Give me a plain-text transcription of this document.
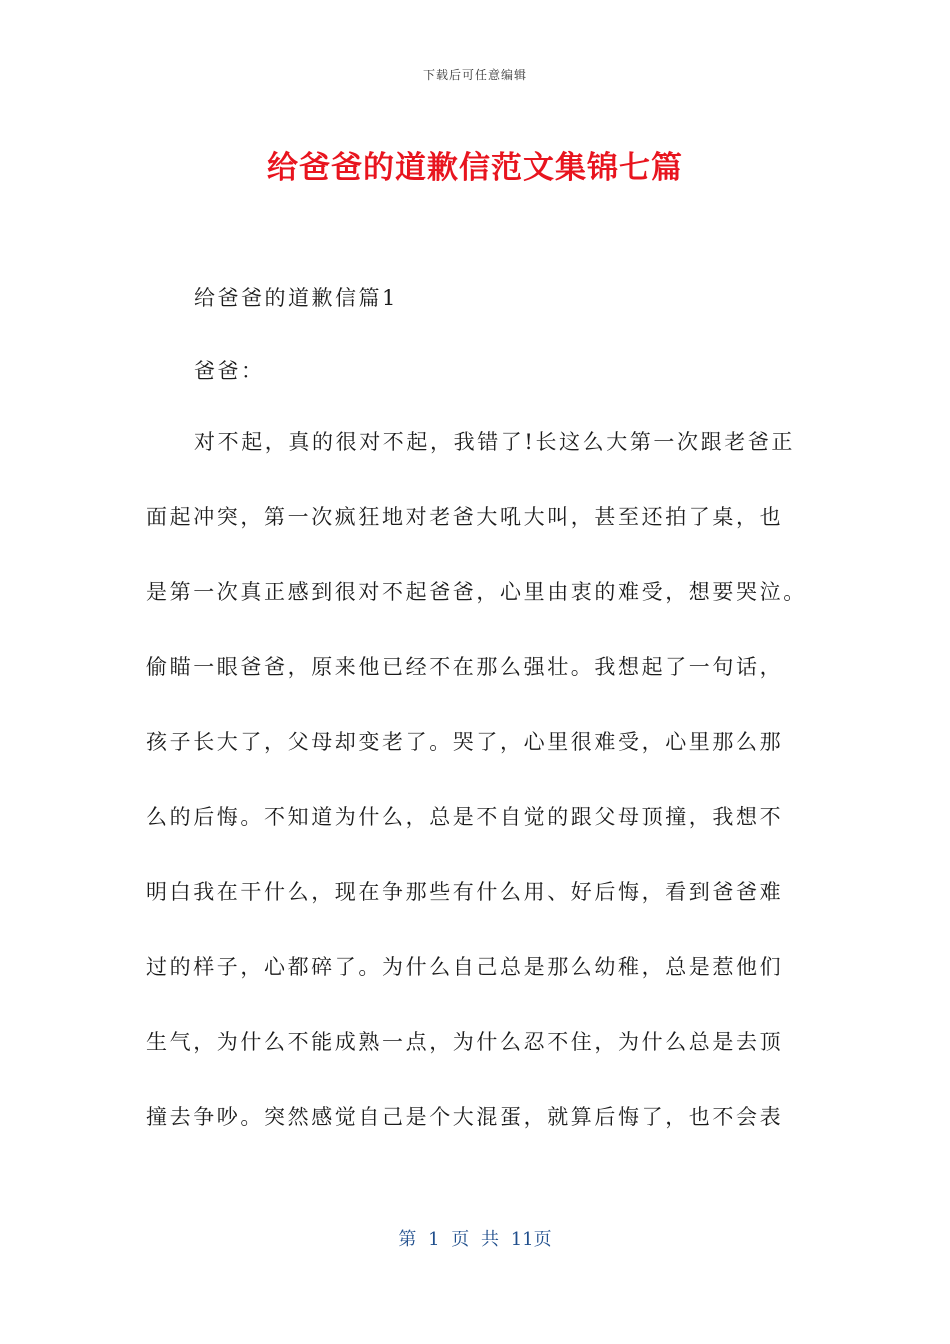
下载后可任意编辑
给爸爸的道歉信范文集锦七篇
给爸爸的道歉信篇1
爸爸：
对不起，真的很对不起，我错了!长这么大第一次跟老爸正
面起冲突，第一次疯狂地对老爸大吼大叫，甚至还拍了桌，也
是第一次真正感到很对不起爸爸，心里由衷的难受，想要哭泣。
偷瞄一眼爸爸，原来他已经不在那么强壮。我想起了一句话，
孩子长大了，父母却变老了。哭了，心里很难受，心里那么那
么的后悔。不知道为什么，总是不自觉的跟父母顶撞，我想不
明白我在干什么，现在争那些有什么用、好后悔，看到爸爸难
过的样子，心都碎了。为什么自己总是那么幼稚，总是惹他们
生气，为什么不能成熟一点，为什么忍不住，为什么总是去顶
撞去争吵。突然感觉自己是个大混蛋，就算后悔了，也不会表
第 1 页 共 11页
